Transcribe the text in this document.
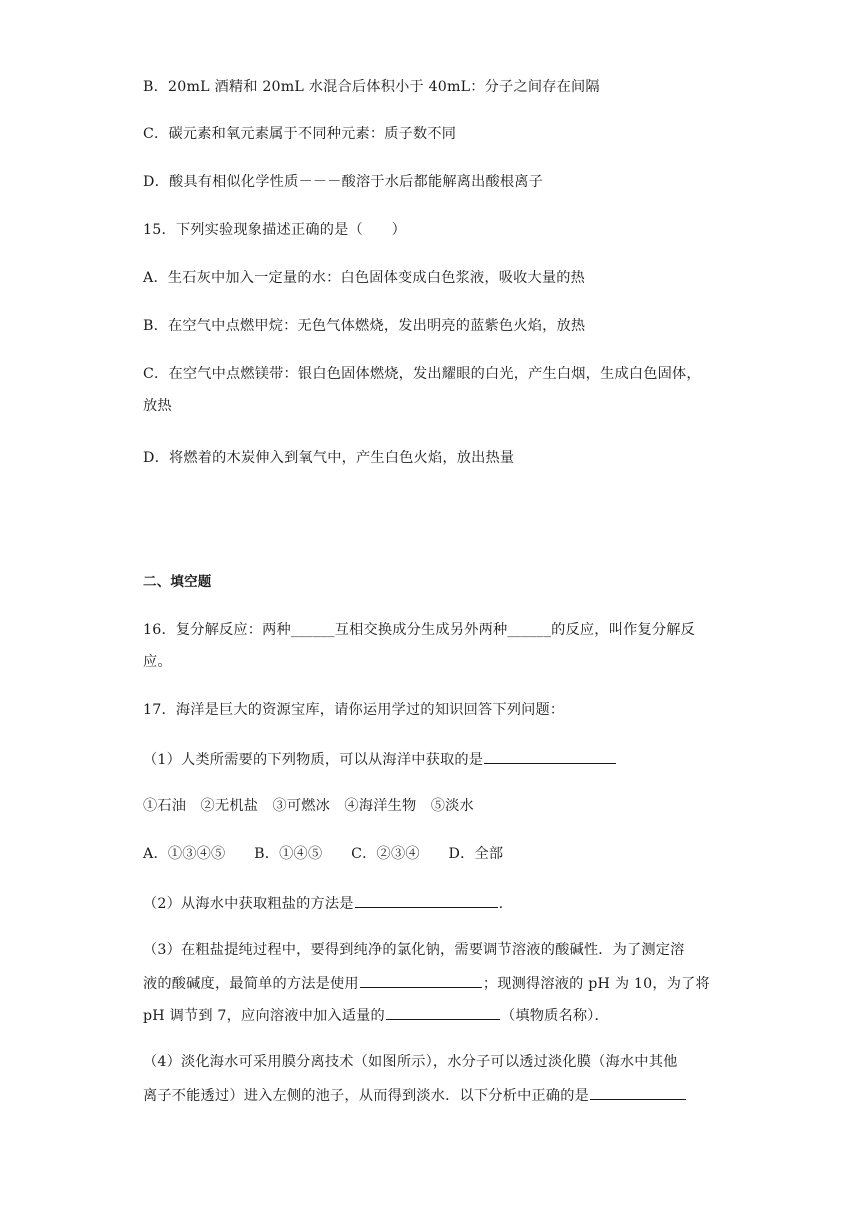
B．20mL 酒精和 20mL 水混合后体积小于 40mL：分子之间存在间隔
C．碳元素和氧元素属于不同种元素：质子数不同
D．酸具有相似化学性质－－－酸溶于水后都能解离出酸根离子
15．下列实验现象描述正确的是（　　）
A．生石灰中加入一定量的水：白色固体变成白色浆液，吸收大量的热
B．在空气中点燃甲烷：无色气体燃烧，发出明亮的蓝紫色火焰，放热
C．在空气中点燃镁带：银白色固体燃烧，发出耀眼的白光，产生白烟，生成白色固体，
放热
D．将燃着的木炭伸入到氧气中，产生白色火焰，放出热量
二、填空题
16．复分解反应：两种______互相交换成分生成另外两种______的反应，叫作复分解反
应。
17．海洋是巨大的资源宝库，请你运用学过的知识回答下列问题：
（1）人类所需要的下列物质，可以从海洋中获取的是
①石油　②无机盐　③可燃冰　④海洋生物　⑤淡水
A．①③④⑤　　B．①④⑤　　C．②③④　　D．全部
（2）从海水中获取粗盐的方法是	.
（3）在粗盐提纯过程中，要得到纯净的氯化钠，需要调节溶液的酸碱性．为了测定溶
液的酸碱度，最简单的方法是使用	；现测得溶液的 pH 为 10，为了将
pH 调节到 7，应向溶液中加入适量的	（填物质名称）．
（4）淡化海水可采用膜分离技术（如图所示），水分子可以透过淡化膜（海水中其他
离子不能透过）进入左侧的池子，从而得到淡水．以下分析中正确的是
